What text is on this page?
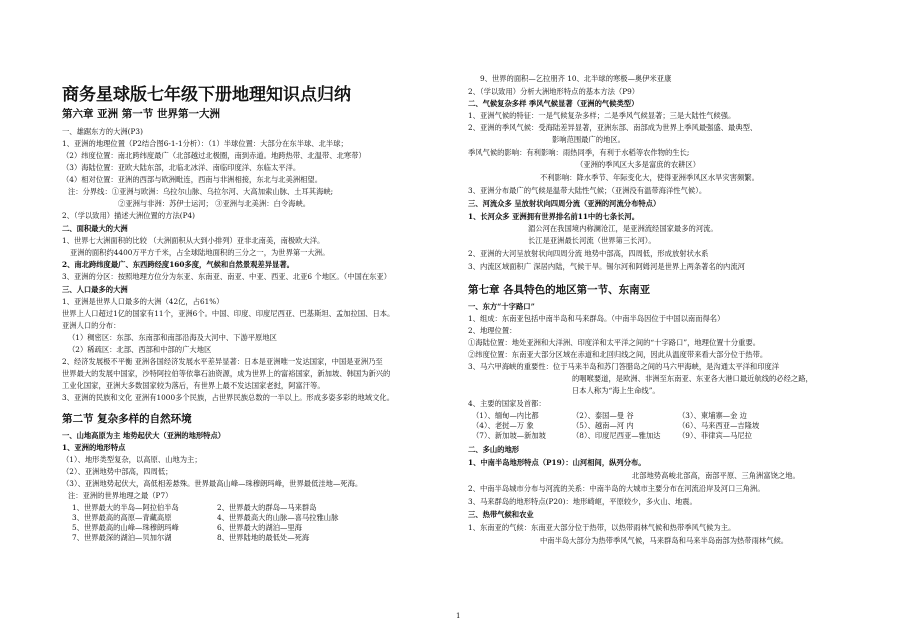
商务星球版七年级下册地理知识点归纳
第六章 亚洲 第一节 世界第一大洲
一、雄踞东方的大洲(P3)
1、亚洲的地理位置（P2结合图6-1-1分析）：（1）半球位置：大部分在东半球、北半球；
（2）纬度位置：南北跨纬度最广（北部越过北极圈，南到赤道。地跨热带、北温带、北寒带）
（3）海陆位置：亚欧大陆东部，北临北冰洋、南临印度洋、东临太平洋。
（4）相对位置：亚洲的西部与欧洲毗连，西南与非洲相接，东北与北美洲相望。
注：分界线：①亚洲与欧洲：乌拉尔山脉、乌拉尔河、大高加索山脉、土耳其海峡;
②亚洲与非洲：苏伊士运河； ③亚洲与北美洲：白令海峡。
2、（学以致用）描述大洲位置的方法(P4)
二、面积最大的大洲
1、世界七大洲面积的比较 （大洲面积从大到小排列）亚非北南美，南极欧大洋。
亚洲的面积约4400万平方千米，占全球陆地面积的三分之一，为世界第一大洲。
2、南北跨纬度最广、东西跨经度160多度，气候和自然景观差异显著。
3、亚洲的分区：按照地理方位分为东亚、东南亚、南亚、中亚、西亚、北亚6 个地区。（中国在东亚）
三、人口最多的大洲
1、亚洲是世界人口最多的大洲（42亿，占61%）
世界上人口超过1亿的国家有11个，亚洲6个。中国、印度、印度尼西亚、巴基斯坦、孟加拉国、日本。
亚洲人口的分布：
（1）稠密区：东部、东南部和南部沿海及大河中、下游平原地区
（2）稀疏区：北部、西部和中部的广大地区
2、经济发展极不平衡 亚洲各国经济发展水平差异显著：日本是亚洲唯一发达国家，中国是亚洲乃至
世界最大的发展中国家，沙特阿拉伯等依靠石油资源，成为世界上的富裕国家，新加坡、韩国为新兴的
工业化国家，亚洲大多数国家较为落后，有世界上最不发达国家老挝，阿富汗等。
3、亚洲的民族和文化 亚洲有1000多个民族，占世界民族总数的一半以上。形成多姿多彩的地域文化。
第二节 复杂多样的自然环境
一、山地高原为主 地势起伏大（亚洲的地形特点）
1、亚洲的地形特点
（1）、地形类型复杂，以高原、山地为主；
（2）、亚洲地势中部高，四周低；
（3）、亚洲地势起伏大，高低相差悬殊。世界最高山峰—珠穆朗玛峰，世界最低洼地—死海。
注：亚洲的世界地理之最（P7）
1、世界最大的半岛—阿拉伯半岛	2、世界最大的群岛—马来群岛
3、世界最高的高原—青藏高原	4、世界最高大的山脉—喜马拉雅山脉
5、世界最高的山峰—珠穆朗玛峰	6、世界最大的湖泊—里海
7、世界最深的湖泊—贝加尔湖	8、世界陆地的最低处—死海
9、世界的面积—乞拉朋齐 10、北半球的寒极—奥伊米亚康
2、（学以致用）分析大洲地形特点的基本方法（P9）
二、气候复杂多样 季风气候显著（亚洲的气候类型）
1、亚洲气候的特征：一是气候复杂多样；二是季风气候显著；三是大陆性气候强。
2、亚洲的季风气候：受海陆差异显著，亚洲东部、南部成为世界上季风最强盛、最典型、
影响范围最广的地区。
季风气候的影响：有利影响：雨热同季，有利于水稻等农作物的生长;
（亚洲的季风区大多是富庶的农耕区）
不利影响：降水季节、年际变化大，使得亚洲季风区水旱灾害频繁。
3、亚洲分布最广的气候是温带大陆性气候；（亚洲没有温带海洋性气候）。
三、河流众多 呈放射状向四周分流（亚洲的河流分布特点）
1、长河众多 亚洲拥有世界排名前11中的七条长河。
湄公河在我国境内称澜沧江，是亚洲流经国家最多的河流。
长江是亚洲最长河流（世界第三长河）。
2、亚洲的大河呈放射状向四周分流 地势中部高，四周低，形成放射状水系
3、内流区域面积广 深居内陆，气候干旱。锡尔河和阿姆河是世界上两条著名的内流河
第七章 各具特色的地区第一节、东南亚
一、东方“十字路口”
1、组成：东南亚包括中南半岛和马来群岛。（中南半岛因位于中国以南而得名）
2、地理位置：
①海陆位置：地处亚洲和大洋洲、印度洋和太平洋之间的“十字路口”，地理位置十分重要。
②纬度位置：东南亚大部分区域在赤道和北回归线之间，因此从温度带来看大部分位于热带。
3、马六甲海峡的重要性：位于马来半岛和苏门答腊岛之间的马六甲海峡，是沟通太平洋和印度洋
的咽喉要道，是欧洲、非洲至东南亚、东亚各大港口最近航线的必经之路，
日本人称为“海上生命线”。
4、主要的国家及首都：
（1）、缅甸—内比都	（2）、泰国—曼 谷	（3）、柬埔寨—金 边
（4）、老挝—万 象	（5）、越南—河 内	（6）、马来西亚—吉隆坡
（7）、新加坡—新加坡	（8）、印度尼西亚—雅加达 （9）、菲律宾—马尼拉
二、多山的地形
1、中南半岛地形特点（P19）：山河相间，纵列分布。
北部地势高峻北部高，南部平原、三角洲富饶之地。
2、中南半岛城市分布与河流的关系：中南半岛的大城市主要分布在河流沿岸及河口三角洲。
3、马来群岛的地形特点(P20)：地形崎岖，平原较少，多火山、地震。
三、热带气候和农业
1、东南亚的气候：东南亚大部分位于热带，以热带雨林气候和热带季风气候为主。
中南半岛大部分为热带季风气候，马来群岛和马来半岛南部为热带雨林气候。
1
